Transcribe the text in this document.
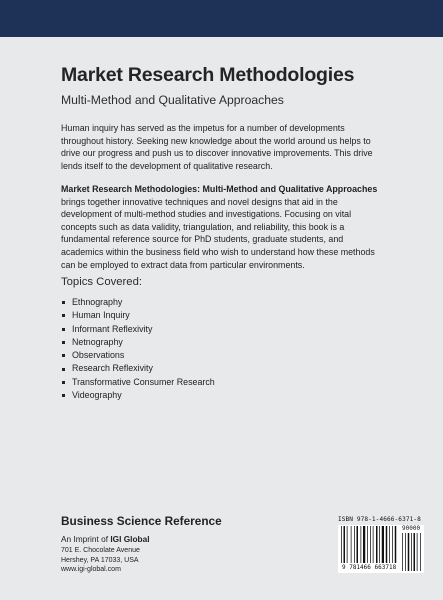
Market Research Methodologies
Multi-Method and Qualitative Approaches

Human inquiry has served as the impetus for a number of developments throughout history. Seeking new knowledge about the world around us helps to drive our progress and push us to discover innovative improvements. This drive lends itself to the development of qualitative research.

Market Research Methodologies: Multi-Method and Qualitative Approaches brings together innovative techniques and novel designs that aid in the development of multi-method studies and investigations. Focusing on vital concepts such as data validity, triangulation, and reliability, this book is a fundamental reference source for PhD students, graduate students, and academics within the business field who wish to understand how these methods can be employed to extract data from particular environments.

Topics Covered:
Ethnography
Human Inquiry
Informant Reflexivity
Netnography
Observations
Research Reflexivity
Transformative Consumer Research
Videography
Business Science Reference
An Imprint of IGI Global
701 E. Chocolate Avenue
Hershey, PA 17033, USA
www.igi-global.com
ISBN 978-1-4666-6371-8
9 781466 663718
90000
